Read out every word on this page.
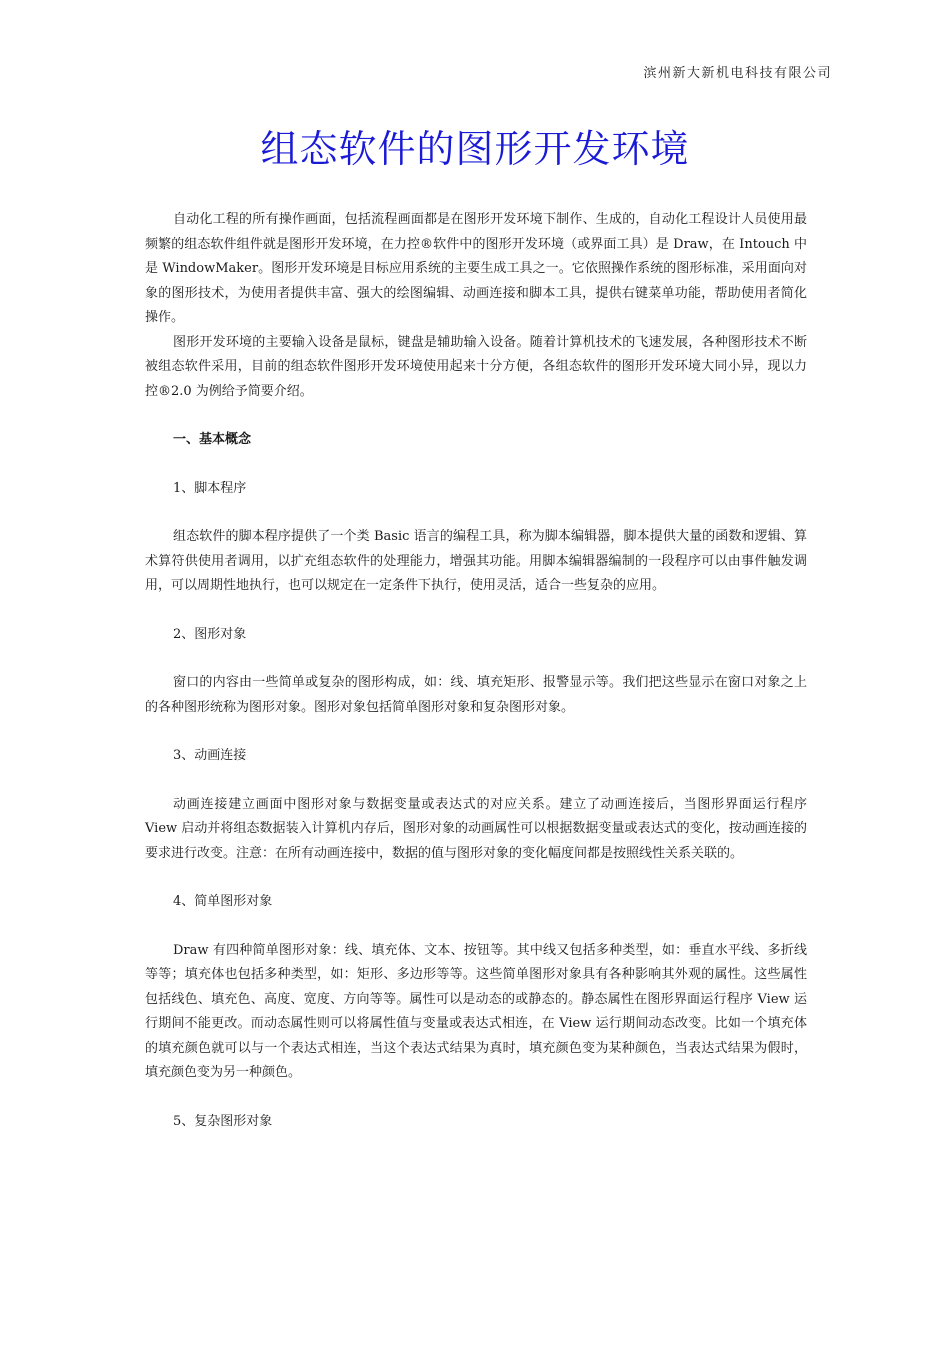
滨州新大新机电科技有限公司
组态软件的图形开发环境

自动化工程的所有操作画面，包括流程画面都是在图形开发环境下制作、生成的，自动化工程设计人员使用最频繁的组态软件组件就是图形开发环境，在力控®软件中的图形开发环境（或界面工具）是 Draw，在 Intouch 中是 WindowMaker。图形开发环境是目标应用系统的主要生成工具之一。它依照操作系统的图形标准，采用面向对象的图形技术，为使用者提供丰富、强大的绘图编辑、动画连接和脚本工具，提供右键菜单功能，帮助使用者简化操作。

图形开发环境的主要输入设备是鼠标，键盘是辅助输入设备。随着计算机技术的飞速发展，各种图形技术不断被组态软件采用，目前的组态软件图形开发环境使用起来十分方便，各组态软件的图形开发环境大同小异，现以力控®2.0 为例给予简要介绍。

一、基本概念
1、脚本程序

组态软件的脚本程序提供了一个类 Basic 语言的编程工具，称为脚本编辑器，脚本提供大量的函数和逻辑、算术算符供使用者调用，以扩充组态软件的处理能力，增强其功能。用脚本编辑器编制的一段程序可以由事件触发调用，可以周期性地执行，也可以规定在一定条件下执行，使用灵活，适合一些复杂的应用。

2、图形对象

窗口的内容由一些简单或复杂的图形构成，如：线、填充矩形、报警显示等。我们把这些显示在窗口对象之上的各种图形统称为图形对象。图形对象包括简单图形对象和复杂图形对象。

3、动画连接

动画连接建立画面中图形对象与数据变量或表达式的对应关系。建立了动画连接后，当图形界面运行程序 View 启动并将组态数据装入计算机内存后，图形对象的动画属性可以根据数据变量或表达式的变化，按动画连接的要求进行改变。注意：在所有动画连接中，数据的值与图形对象的变化幅度间都是按照线性关系关联的。

4、简单图形对象

Draw 有四种简单图形对象：线、填充体、文本、按钮等。其中线又包括多种类型，如：垂直水平线、多折线等等；填充体也包括多种类型，如：矩形、多边形等等。这些简单图形对象具有各种影响其外观的属性。这些属性包括线色、填充色、高度、宽度、方向等等。属性可以是动态的或静态的。静态属性在图形界面运行程序 View 运行期间不能更改。而动态属性则可以将属性值与变量或表达式相连，在 View 运行期间动态改变。比如一个填充体的填充颜色就可以与一个表达式相连，当这个表达式结果为真时，填充颜色变为某种颜色，当表达式结果为假时，填充颜色变为另一种颜色。

5、复杂图形对象
